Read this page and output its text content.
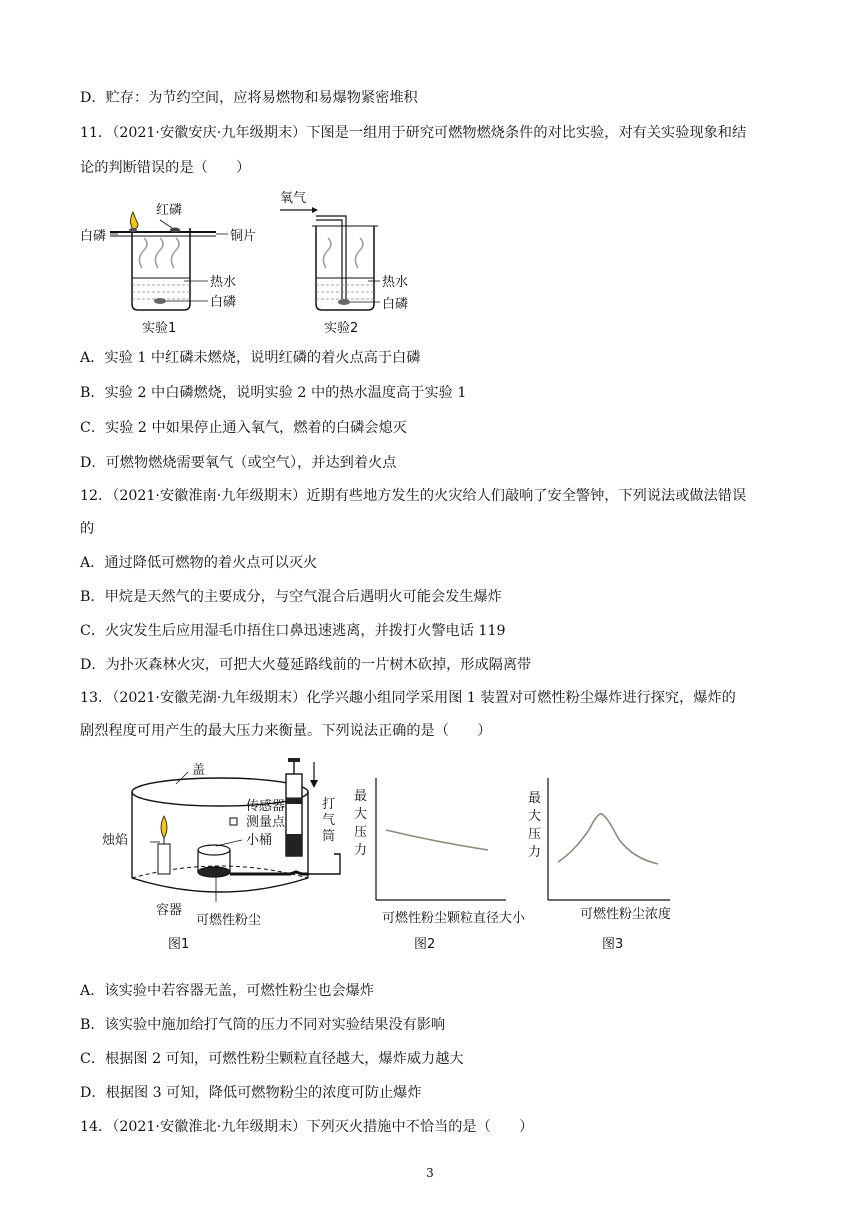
D．贮存：为节约空间，应将易燃物和易爆物紧密堆积
11．（2021·安徽安庆·九年级期末）下图是一组用于研究可燃物燃烧条件的对比实验，对有关实验现象和结
论的判断错误的是（　　）
红磷
白磷	铜片
热水
白磷
实验1
氧气
热水
白磷
实验2
A．实验 1 中红磷未燃烧，说明红磷的着火点高于白磷
B．实验 2 中白磷燃烧，说明实验 2 中的热水温度高于实验 1
C．实验 2 中如果停止通入氧气，燃着的白磷会熄灭
D．可燃物燃烧需要氧气（或空气），并达到着火点
12．（2021·安徽淮南·九年级期末）近期有些地方发生的火灾给人们敲响了安全警钟，下列说法或做法错误
的
A．通过降低可燃物的着火点可以灭火
B．甲烷是天然气的主要成分，与空气混合后遇明火可能会发生爆炸
C．火灾发生后应用湿毛巾捂住口鼻迅速逃离，并拨打火警电话 119
D．为扑灭森林火灾，可把大火蔓延路线前的一片树木砍掉，形成隔离带
13．（2021·安徽芜湖·九年级期末）化学兴趣小组同学采用图 1 装置对可燃性粉尘爆炸进行探究，爆炸的
剧烈程度可用产生的最大压力来衡量。下列说法正确的是（　　）
盖
传感器
测量点
打
气
筒
烛焰	小桶
容器
可燃性粉尘
图1
最
大
压
力
可燃性粉尘颗粒直径大小
图2
最
大
压
力
可燃性粉尘浓度
图3
A．该实验中若容器无盖，可燃性粉尘也会爆炸
B．该实验中施加给打气筒的压力不同对实验结果没有影响
C．根据图 2 可知，可燃性粉尘颗粒直径越大，爆炸威力越大
D．根据图 3 可知，降低可燃物粉尘的浓度可防止爆炸
14．（2021·安徽淮北·九年级期末）下列灭火措施中不恰当的是（　　）
3
